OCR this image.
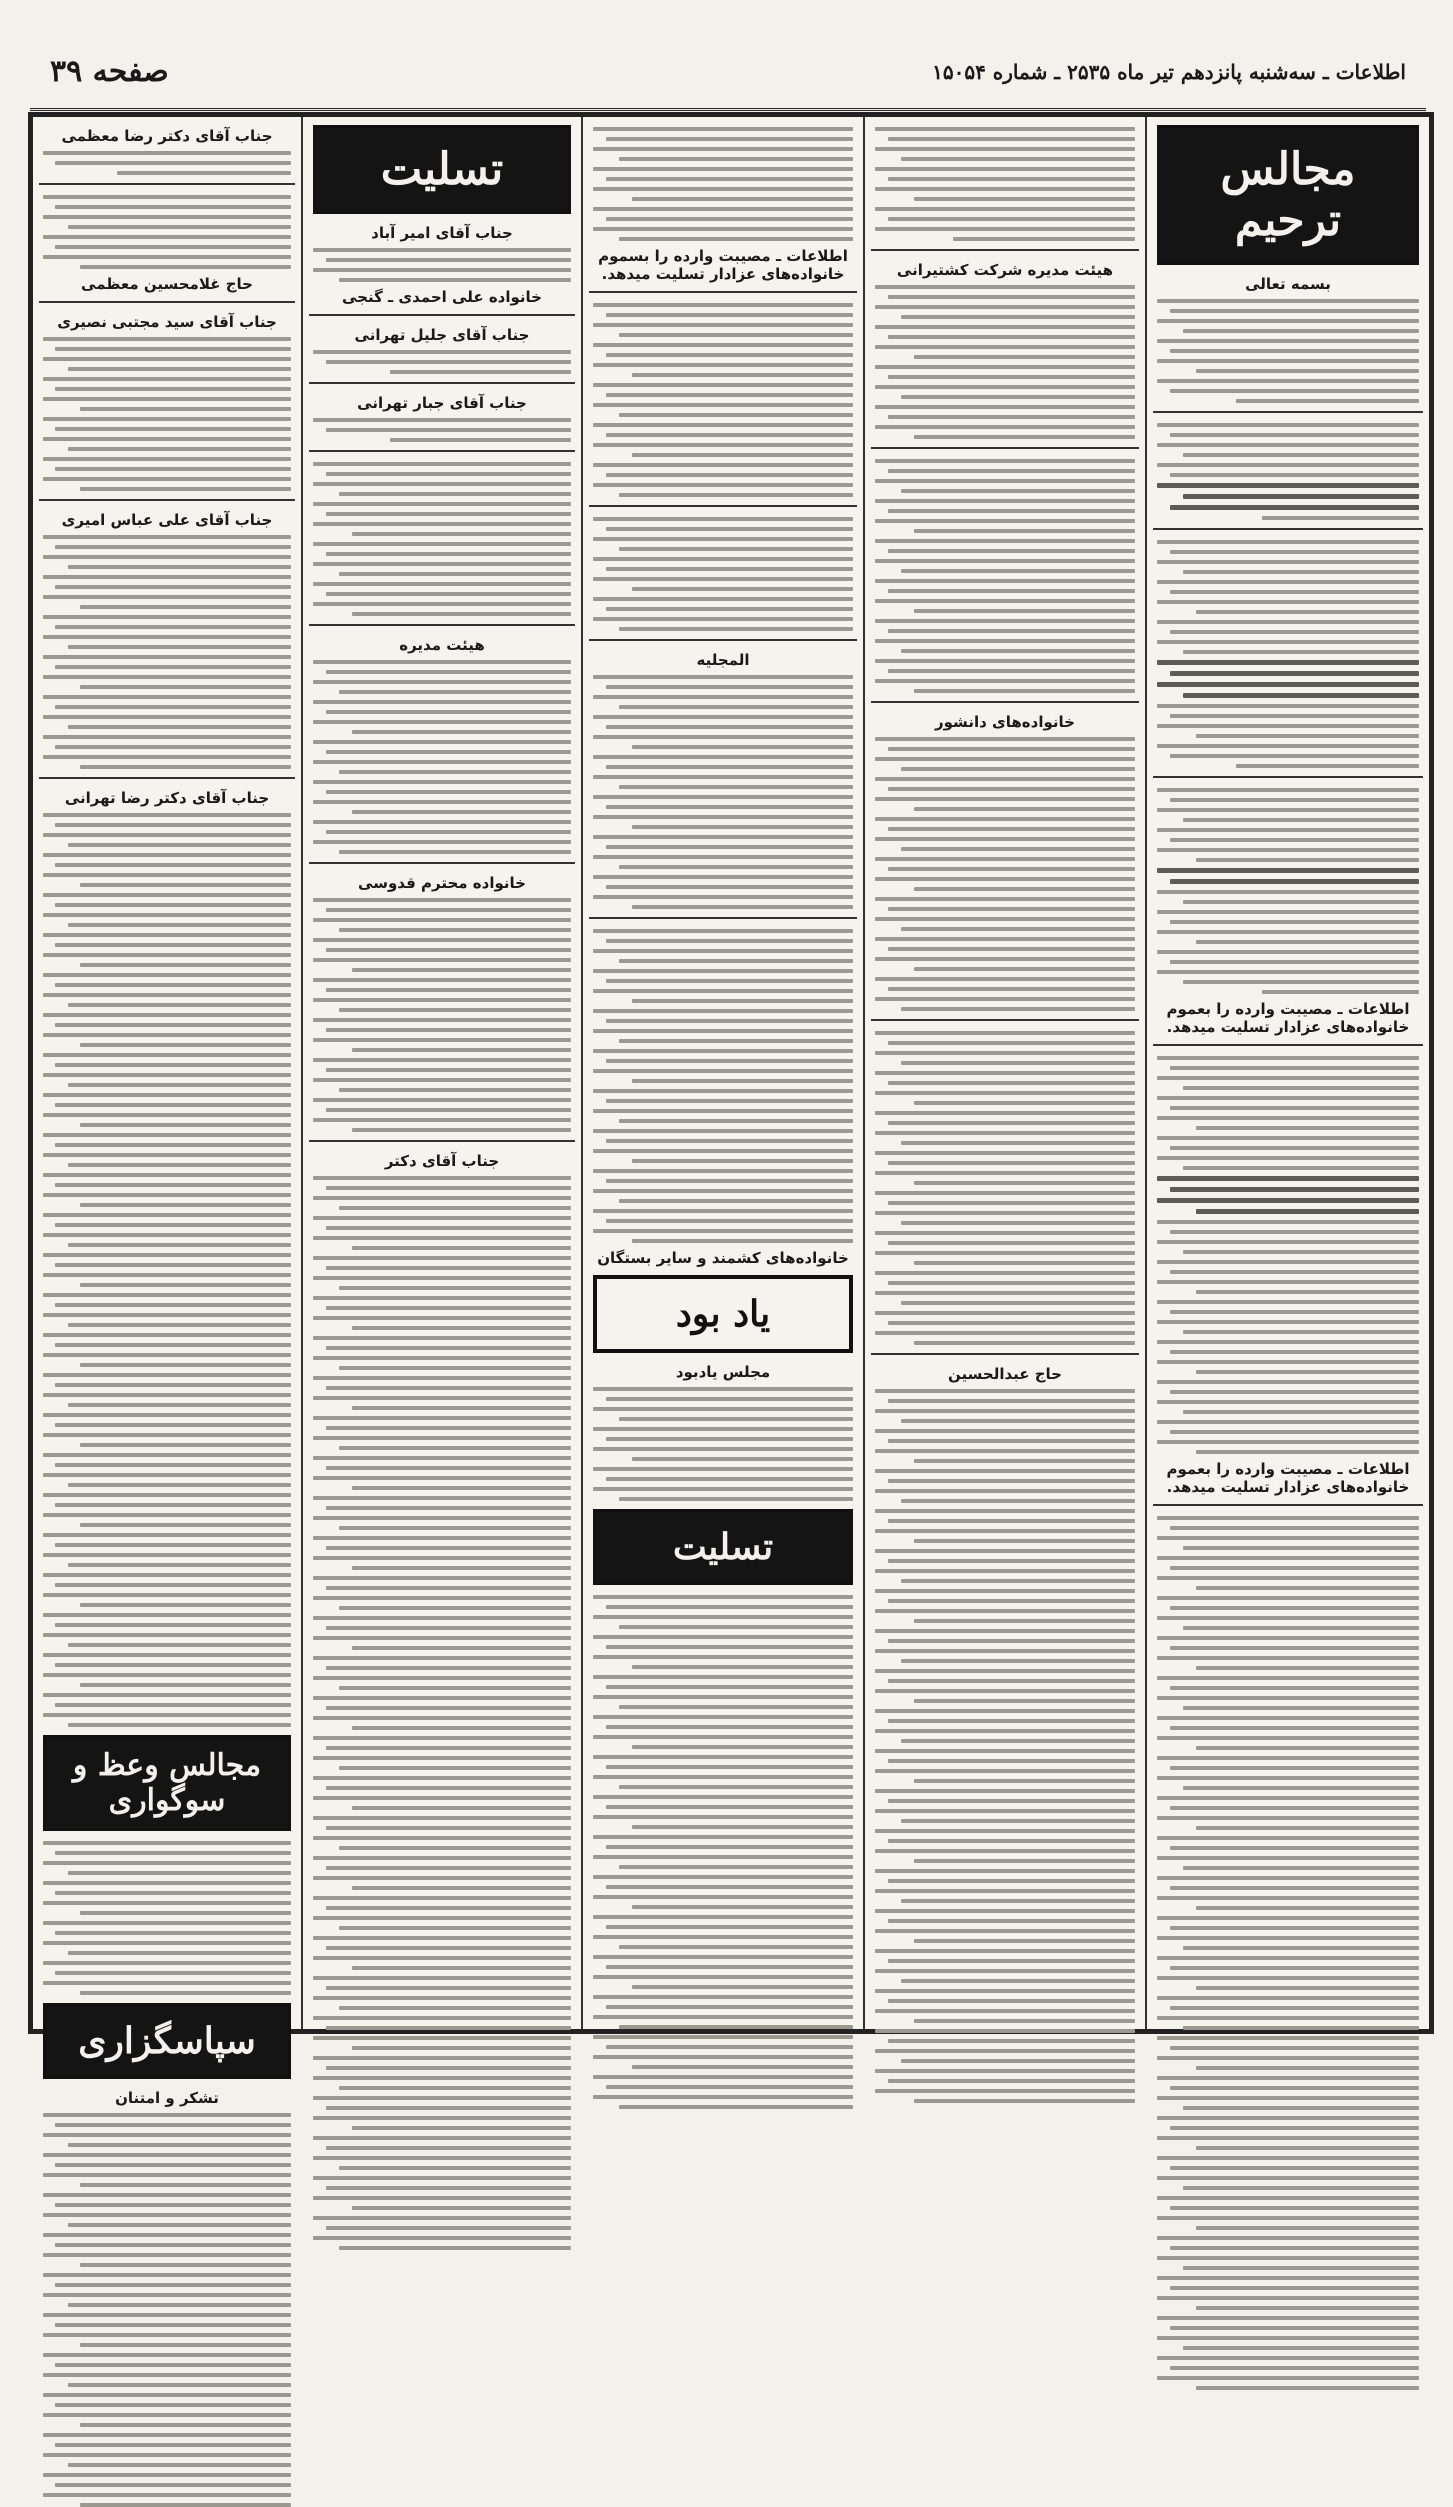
صفحه ۳۹	اطلاعات ـ سه‌شنبه پانزدهم تیر ماه ۲۵۳۵ ـ شماره ۱۵۰۵۴
مجالس ترحیم
بسمه تعالی
اطلاعات ـ مصیبت وارده را بعموم خانواده‌های عزادار تسلیت میدهد.
اطلاعات ـ مصیبت وارده را بعموم خانواده‌های عزادار تسلیت میدهد.
هیئت مدیره شرکت کشتیرانی
خانواده‌های دانشور
حاج عبدالحسین
اطلاعات ـ مصیبت وارده را بسموم خانواده‌های عزادار تسلیت میدهد.
المجلیه
خانواده‌های کشمند و سایر بستگان
یاد بود
مجلس یادبود
تسلیت
تسلیت
جناب آقای امیر آباد
خانواده علی احمدی ـ گنجی
جناب آقای جلیل تهرانی
جناب آقای جبار تهرانی
هیئت مدیره
خانواده محترم قدوسی
جناب آقای دکتر
جناب آقای دکتر رضا معظمی
حاج غلامحسین معظمی
جناب آقای سید مجتبی نصیری
جناب آقای علی عباس امیری
جناب آقای دکتر رضا تهرانی
مجالس وعظ و سوگواری
سپاسگزاری
تشکر و امتنان
